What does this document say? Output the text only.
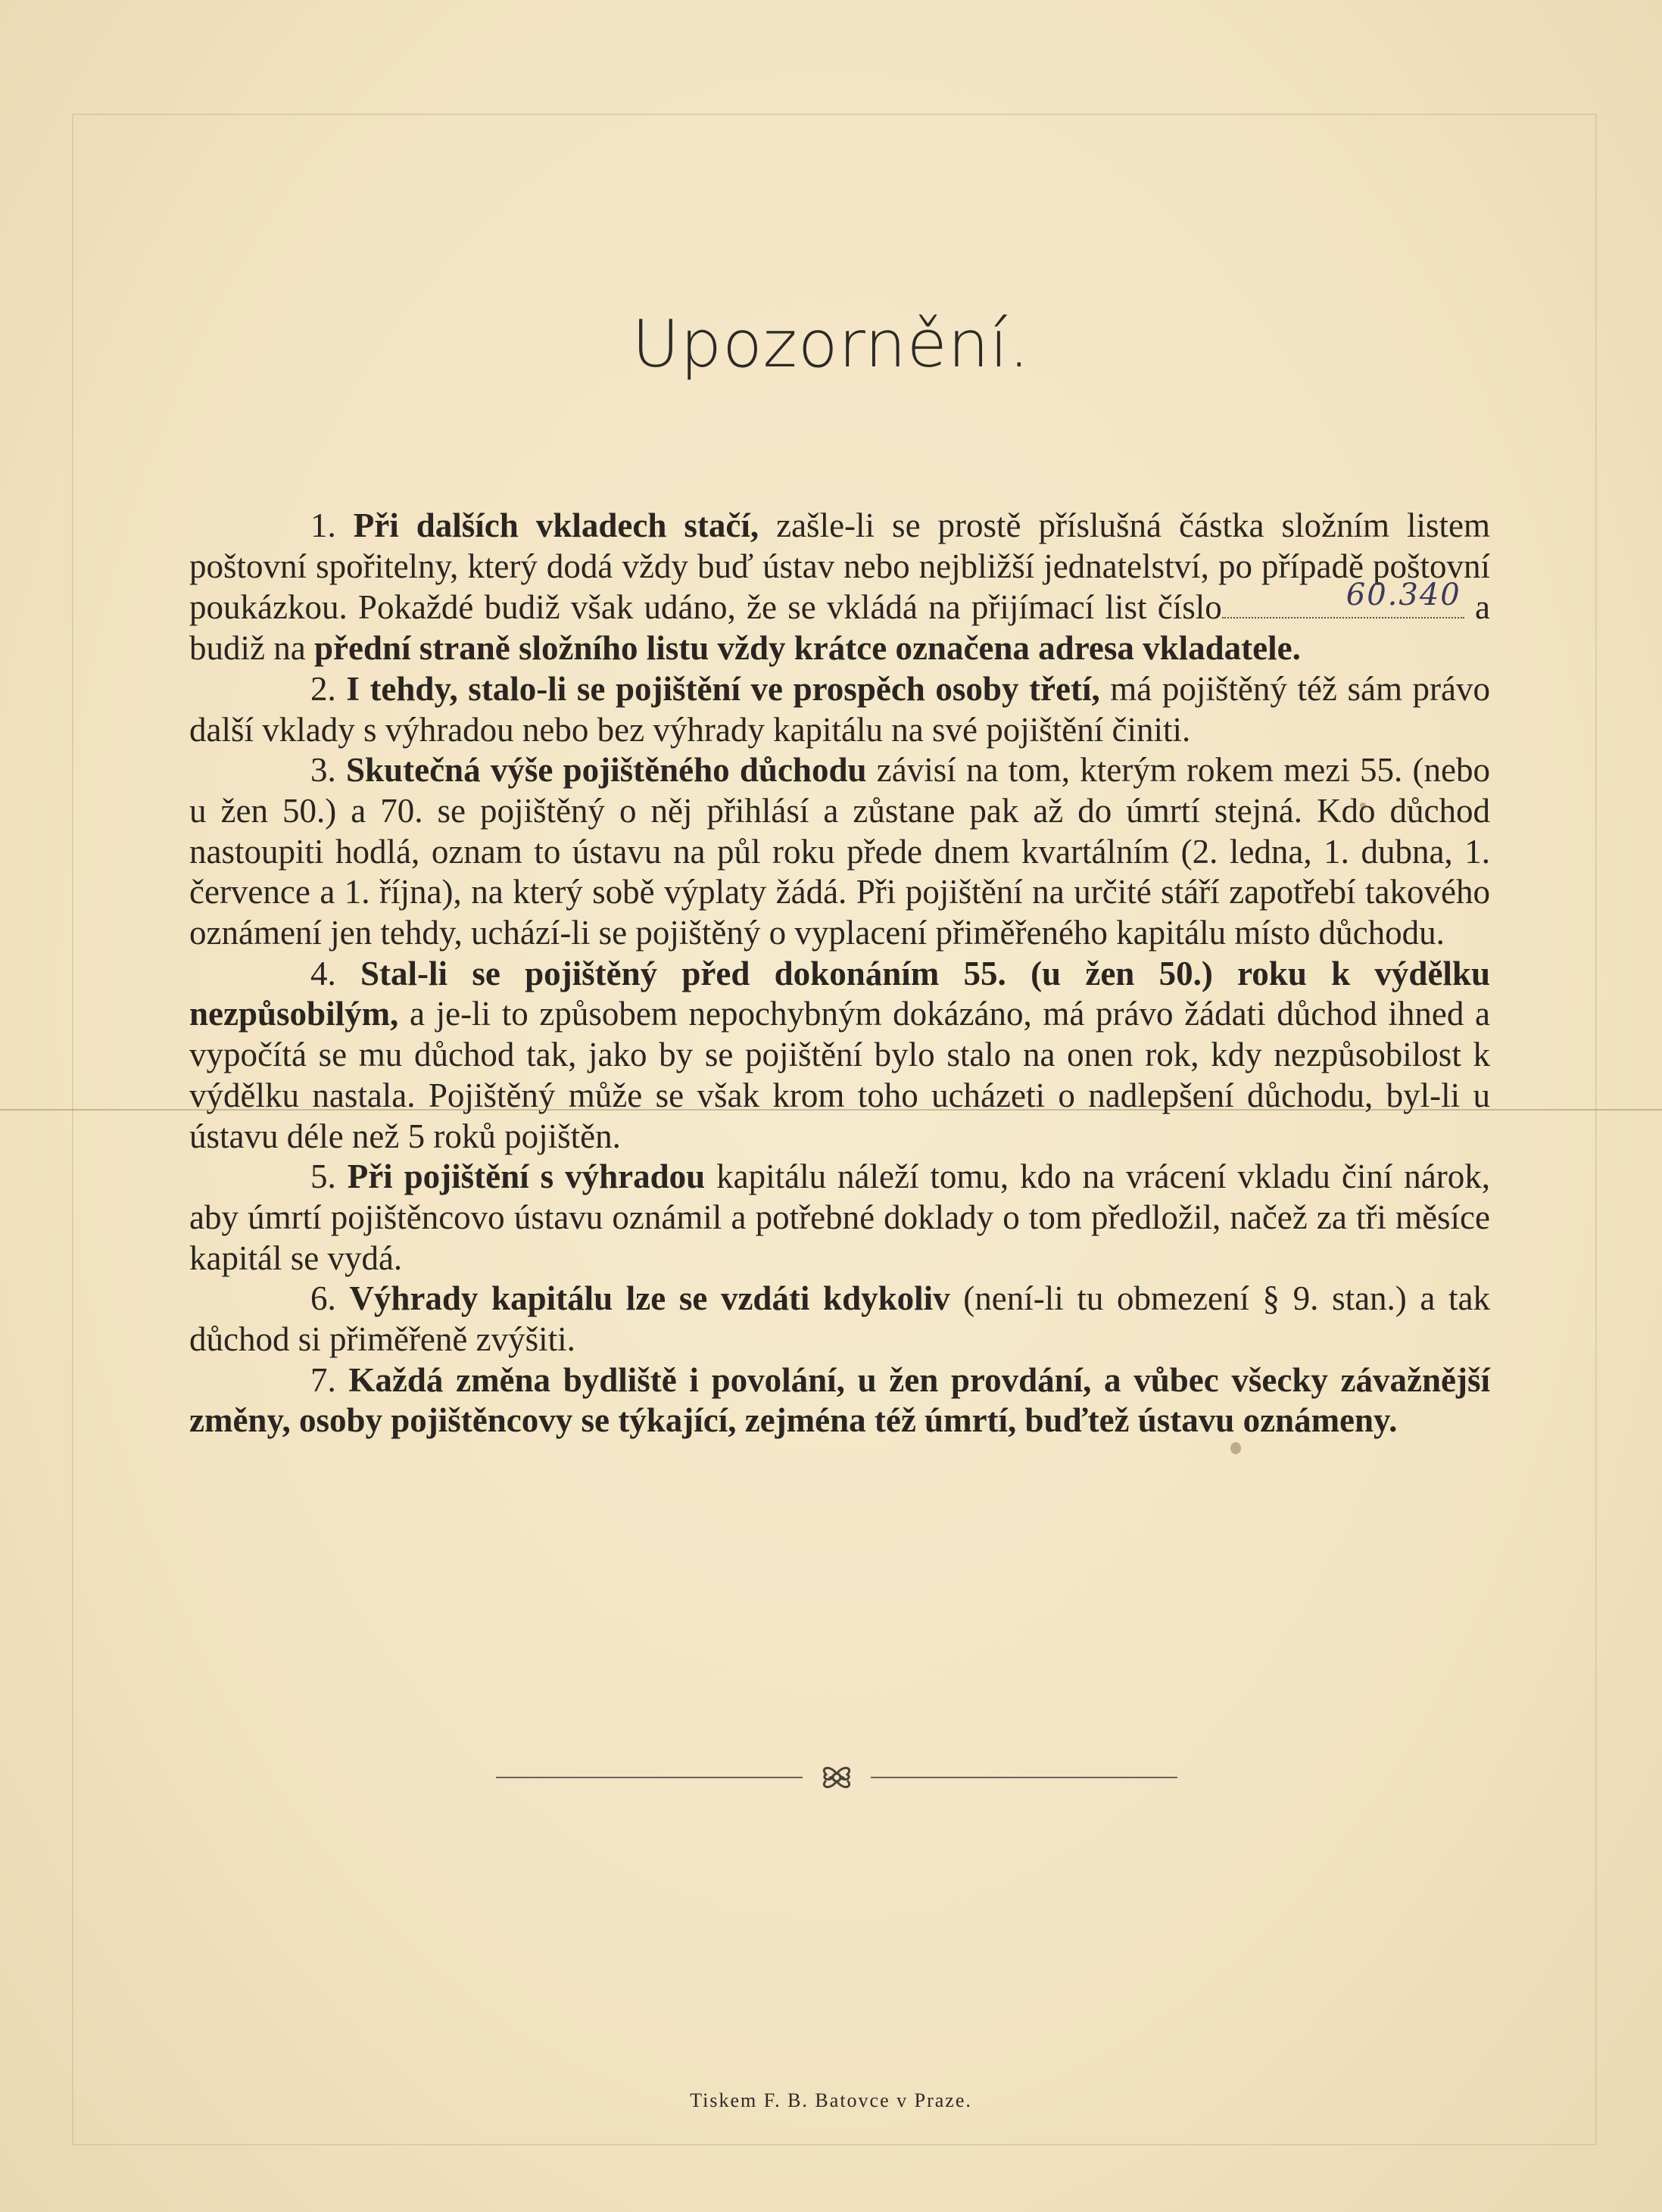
Upozornění.

1. Při dalších vkladech stačí, zašle-li se prostě příslušná částka složním listem poštovní spořitelny, který dodá vždy buď ústav nebo nejbližší jednatelství, po případě poštovní poukázkou. Pokaždé budiž však udáno, že se vkládá na přijímací list číslo	60.340 a budiž na přední straně složního listu vždy krátce označena adresa vkladatele.

2. I tehdy, stalo-li se pojištění ve prospěch osoby třetí, má pojištěný též sám právo další vklady s výhradou nebo bez výhrady kapitálu na své pojištění činiti.

3. Skutečná výše pojištěného důchodu závisí na tom, kterým rokem mezi 55. (nebo u žen 50.) a 70. se pojištěný o něj přihlásí a zůstane pak až do úmrtí stejná. Kdo důchod nastoupiti hodlá, oznam to ústavu na půl roku přede dnem kvartálním (2. ledna, 1. dubna, 1. července a 1. října), na který sobě výplaty žádá. Při pojištění na určité stáří zapotřebí takového oznámení jen tehdy, uchází-li se pojištěný o vyplacení přiměřeného kapitálu místo důchodu.

4. Stal-li se pojištěný před dokonáním 55. (u žen 50.) roku k výdělku nezpůsobilým, a je-li to způsobem nepochybným dokázáno, má právo žádati důchod ihned a vypočítá se mu důchod tak, jako by se pojištění bylo stalo na onen rok, kdy nezpůsobilost k výdělku nastala. Pojištěný může se však krom toho ucházeti o nadlepšení důchodu, byl-li u ústavu déle než 5 roků pojištěn.

5. Při pojištění s výhradou kapitálu náleží tomu, kdo na vrácení vkladu činí nárok, aby úmrtí pojištěncovo ústavu oznámil a potřebné doklady o tom předložil, načež za tři měsíce kapitál se vydá.

6. Výhrady kapitálu lze se vzdáti kdykoliv (není-li tu obmezení § 9. stan.) a tak důchod si přiměřeně zvýšiti.

7. Každá změna bydliště i povolání, u žen provdání, a vůbec všecky závažnější změny, osoby pojištěncovy se týkající, zejména též úmrtí, buďtež ústavu oznámeny.

Tiskem F. B. Batovce v Praze.
